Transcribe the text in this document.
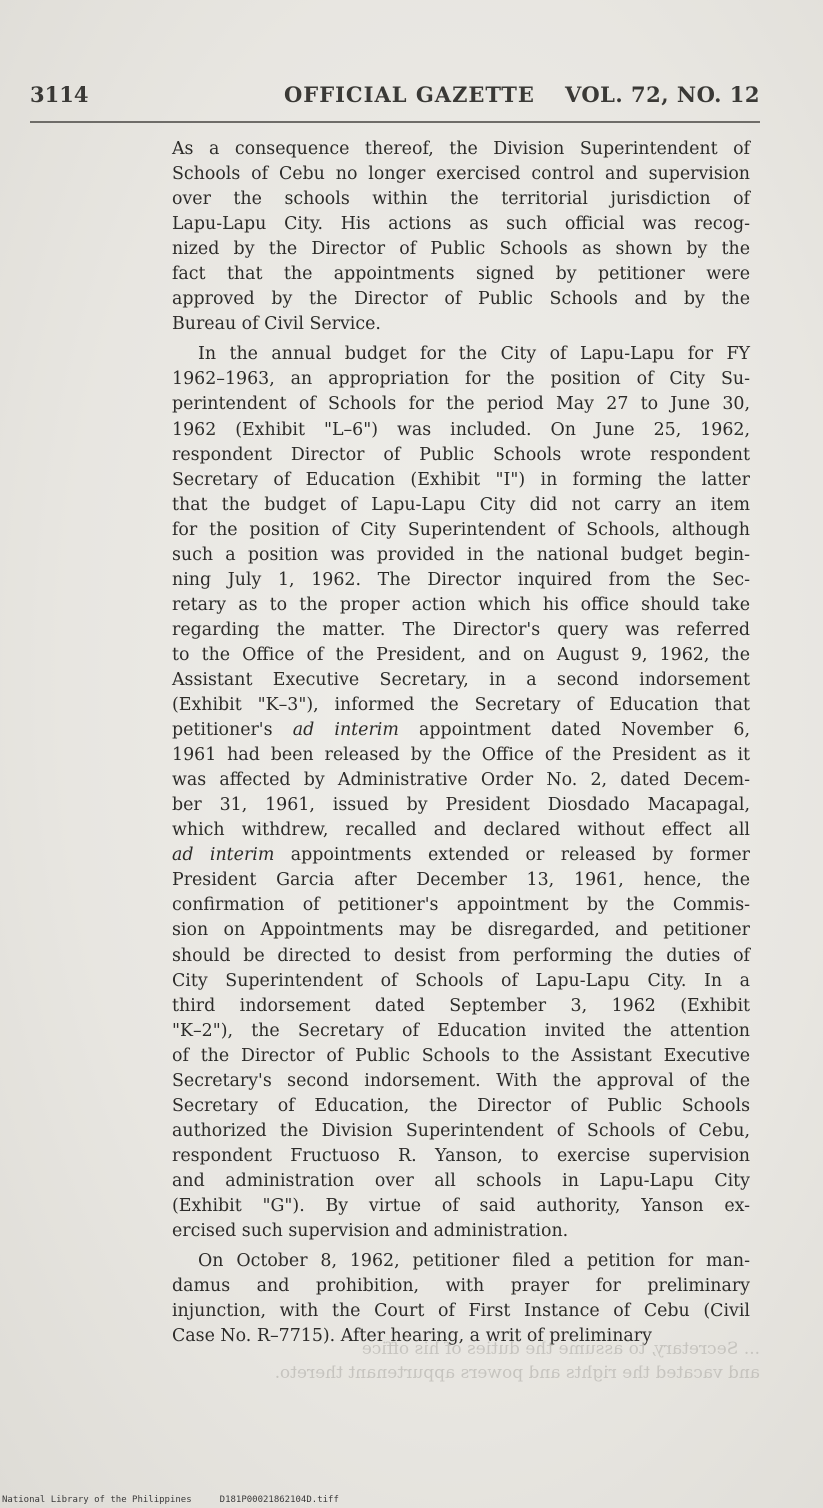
3114	OFFICIAL GAZETTE VOL. 72, NO. 12
As a consequence thereof, the Division Superintendent of
Schools of Cebu no longer exercised control and supervision
over the schools within the territorial jurisdiction of
Lapu-Lapu City. His actions as such official was recog-
nized by the Director of Public Schools as shown by the
fact that the appointments signed by petitioner were
approved by the Director of Public Schools and by the
Bureau of Civil Service.
In the annual budget for the City of Lapu-Lapu for FY
1962–1963, an appropriation for the position of City Su-
perintendent of Schools for the period May 27 to June 30,
1962 (Exhibit "L–6") was included. On June 25, 1962,
respondent Director of Public Schools wrote respondent
Secretary of Education (Exhibit "I") in forming the latter
that the budget of Lapu-Lapu City did not carry an item
for the position of City Superintendent of Schools, although
such a position was provided in the national budget begin-
ning July 1, 1962. The Director inquired from the Sec-
retary as to the proper action which his office should take
regarding the matter. The Director's query was referred
to the Office of the President, and on August 9, 1962, the
Assistant Executive Secretary, in a second indorsement
(Exhibit "K–3"), informed the Secretary of Education that
petitioner's ad interim appointment dated November 6,
1961 had been released by the Office of the President as it
was affected by Administrative Order No. 2, dated Decem-
ber 31, 1961, issued by President Diosdado Macapagal,
which withdrew, recalled and declared without effect all
ad interim appointments extended or released by former
President Garcia after December 13, 1961, hence, the
confirmation of petitioner's appointment by the Commis-
sion on Appointments may be disregarded, and petitioner
should be directed to desist from performing the duties of
City Superintendent of Schools of Lapu-Lapu City. In a
third indorsement dated September 3, 1962 (Exhibit
"K–2"), the Secretary of Education invited the attention
of the Director of Public Schools to the Assistant Executive
Secretary's second indorsement. With the approval of the
Secretary of Education, the Director of Public Schools
authorized the Division Superintendent of Schools of Cebu,
respondent Fructuoso R. Yanson, to exercise supervision
and administration over all schools in Lapu-Lapu City
(Exhibit "G"). By virtue of said authority, Yanson ex-
ercised such supervision and administration.
On October 8, 1962, petitioner filed a petition for man-
damus and prohibition, with prayer for preliminary
injunction, with the Court of First Instance of Cebu (Civil
Case No. R–7715). After hearing, a writ of preliminary
... Secretary, to assume the duties of his office
and vacated the rights and powers appurtenant thereto.
National Library of the Philippines	D181P00021862104D.tiff
